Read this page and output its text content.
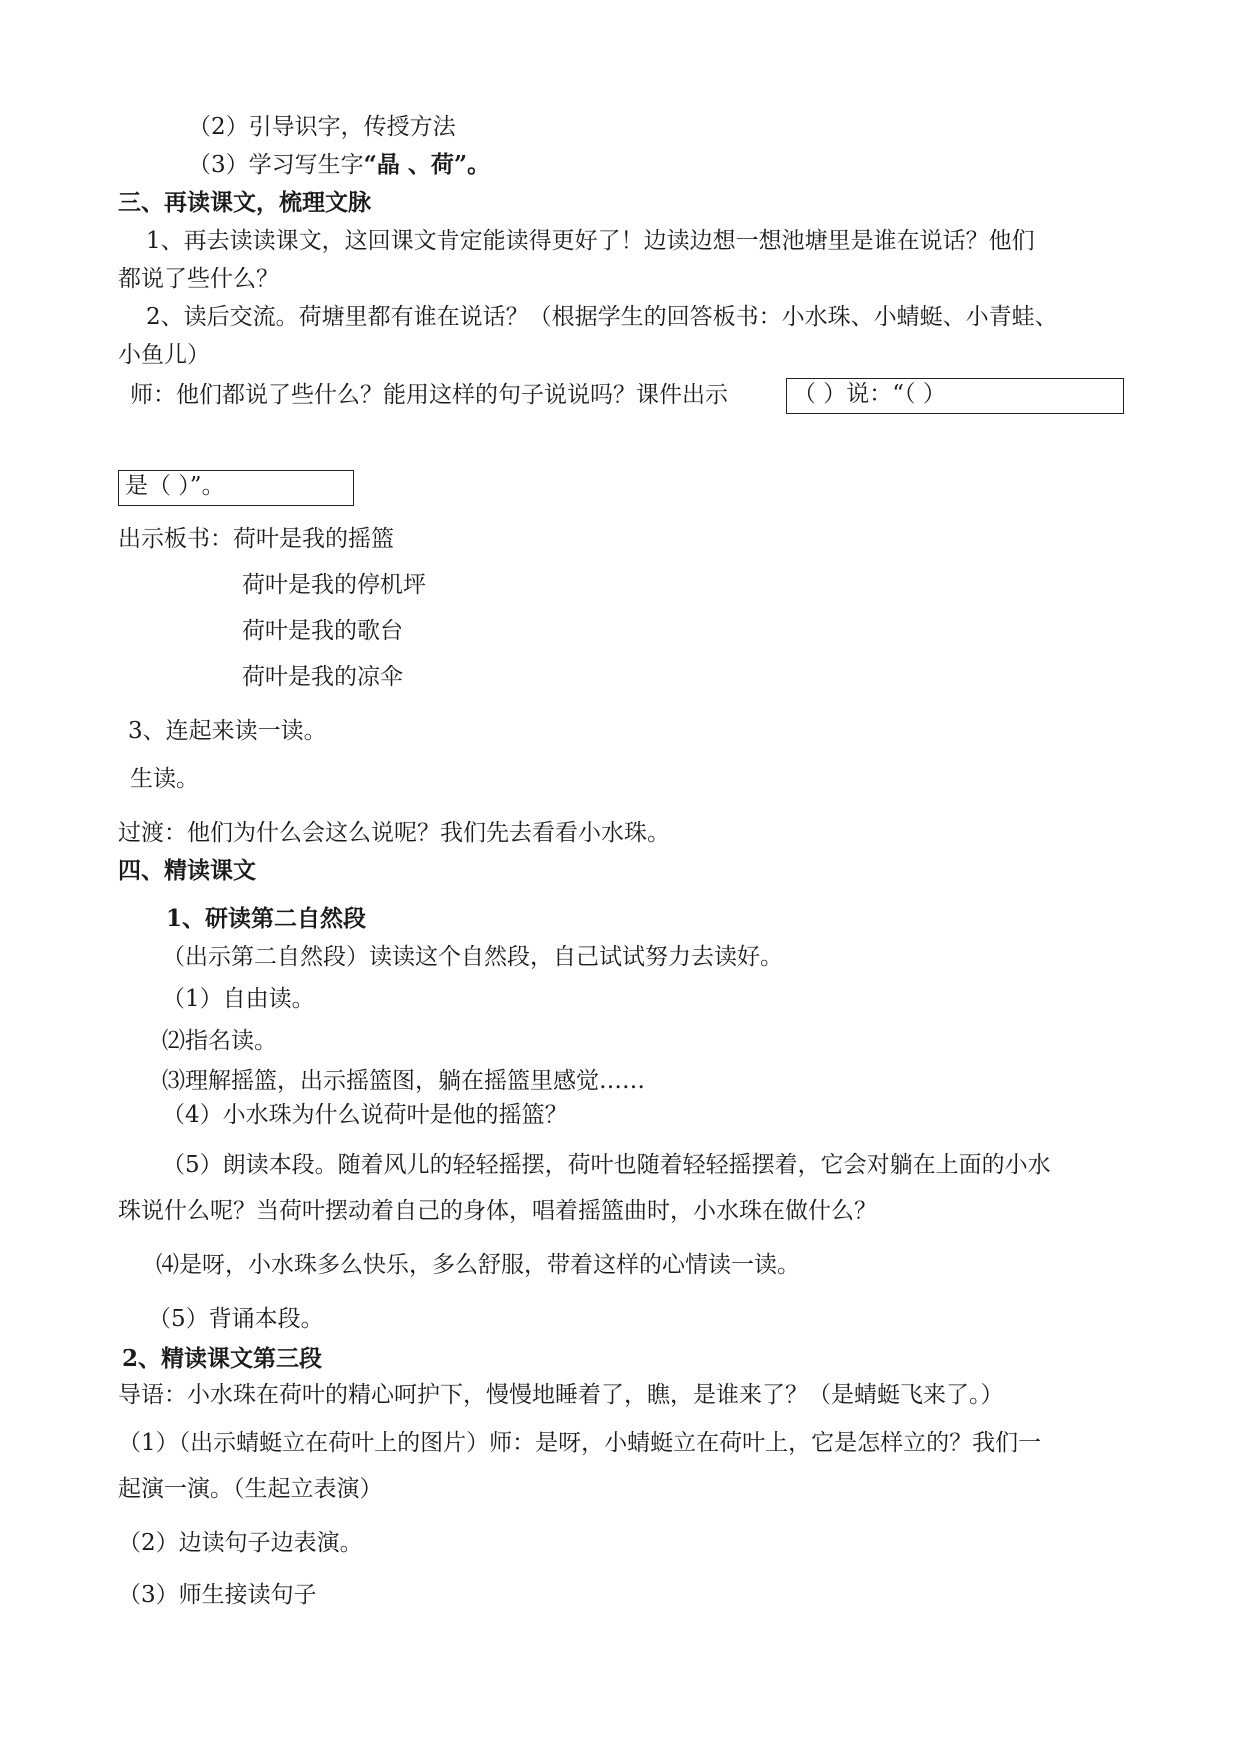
（2）引导识字，传授方法
（3）学习写生字“晶 、荷”。
三、再读课文，梳理文脉
1、再去读读课文，这回课文肯定能读得更好了！边读边想一想池塘里是谁在说话？他们
都说了些什么？
2、读后交流。荷塘里都有谁在说话？（根据学生的回答板书：小水珠、小蜻蜓、小青蛙、
小鱼儿）
师：他们都说了些什么？能用这样的句子说说吗？课件出示	（ ）说：“（ ）
是（ ）”。
出示板书：荷叶是我的摇篮
荷叶是我的停机坪
荷叶是我的歌台
荷叶是我的凉伞
3、连起来读一读。
生读。
过渡：他们为什么会这么说呢？我们先去看看小水珠。
四、精读课文
1、研读第二自然段
（出示第二自然段）读读这个自然段，自己试试努力去读好。
（1）自由读。
⑵指名读。
⑶理解摇篮，出示摇篮图，躺在摇篮里感觉……
（4）小水珠为什么说荷叶是他的摇篮？
（5）朗读本段。随着风儿的轻轻摇摆，荷叶也随着轻轻摇摆着，它会对躺在上面的小水
珠说什么呢？当荷叶摆动着自己的身体，唱着摇篮曲时，小水珠在做什么？
⑷是呀，小水珠多么快乐，多么舒服，带着这样的心情读一读。
（5）背诵本段。
2、精读课文第三段
导语：小水珠在荷叶的精心呵护下，慢慢地睡着了，瞧，是谁来了？（是蜻蜓飞来了。）
（1）（出示蜻蜓立在荷叶上的图片）师：是呀，小蜻蜓立在荷叶上，它是怎样立的？我们一
起演一演。（生起立表演）
（2）边读句子边表演。
（3）师生接读句子
